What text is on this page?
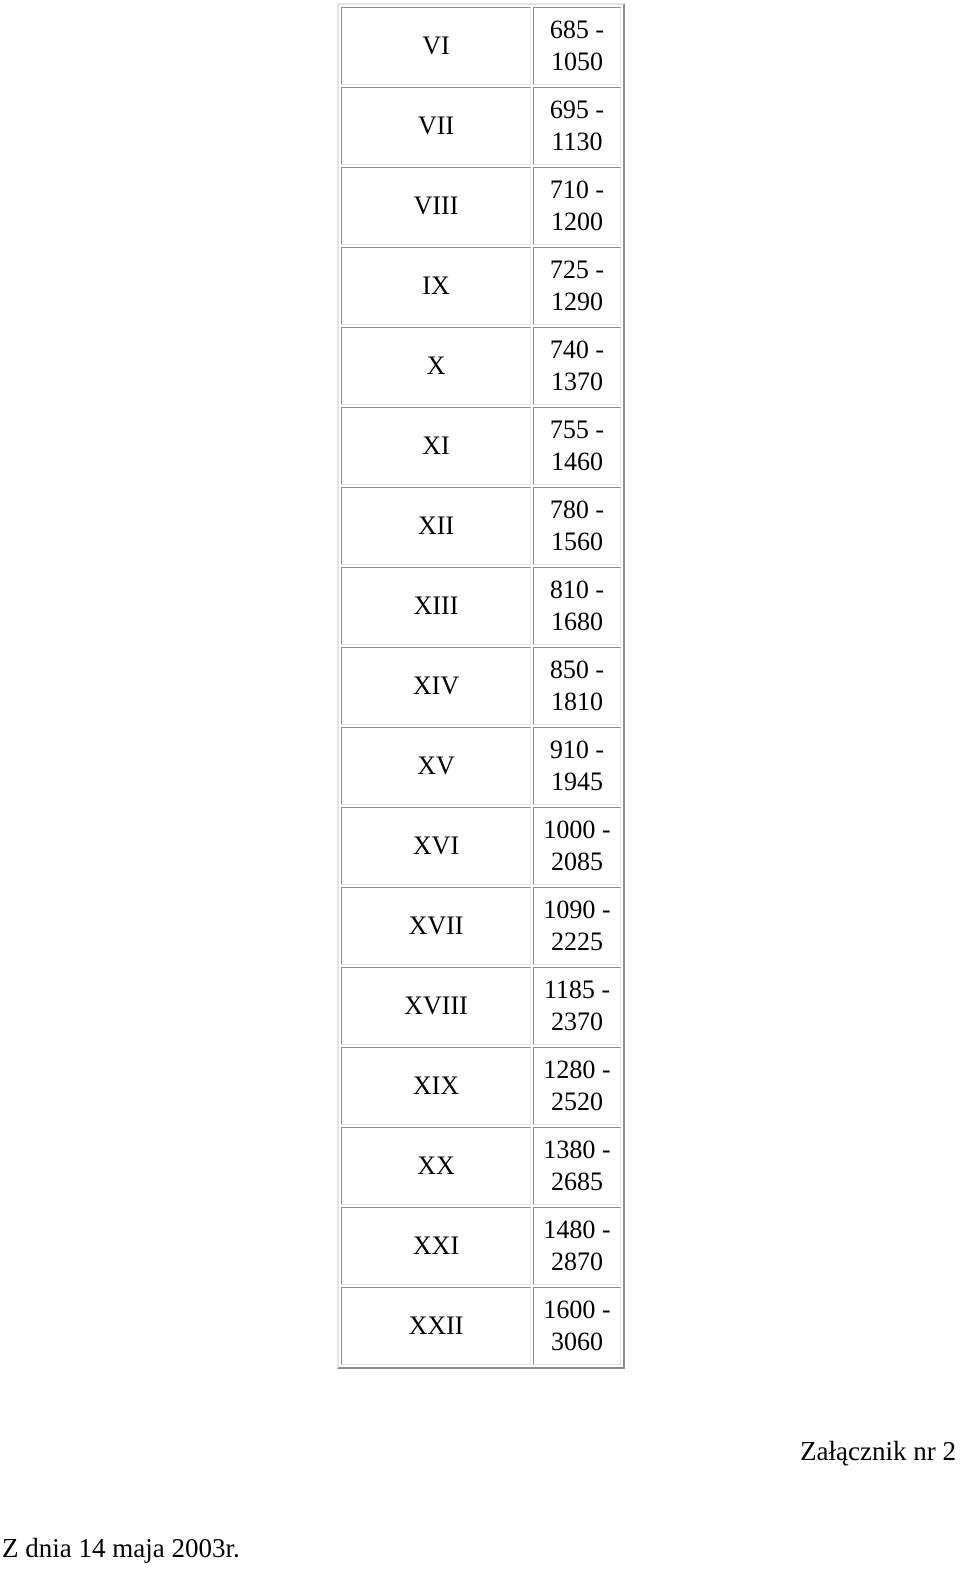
VI	685 -
1050

VII	695 -
1130

VIII	710 -
1200

IX	725 -
1290

X	740 -
1370

XI	755 -
1460

XII	780 -
1560

XIII	810 -
1680

XIV	850 -
1810

XV	910 -
1945

XVI	1000 -
2085

XVII	1090 -
2225

XVIII	1185 -
2370

XIX	1280 -
2520

XX	1380 -
2685

XXI	1480 -
2870

XXII	1600 -
3060
Załącznik nr 2
Z dnia 14 maja 2003r.
